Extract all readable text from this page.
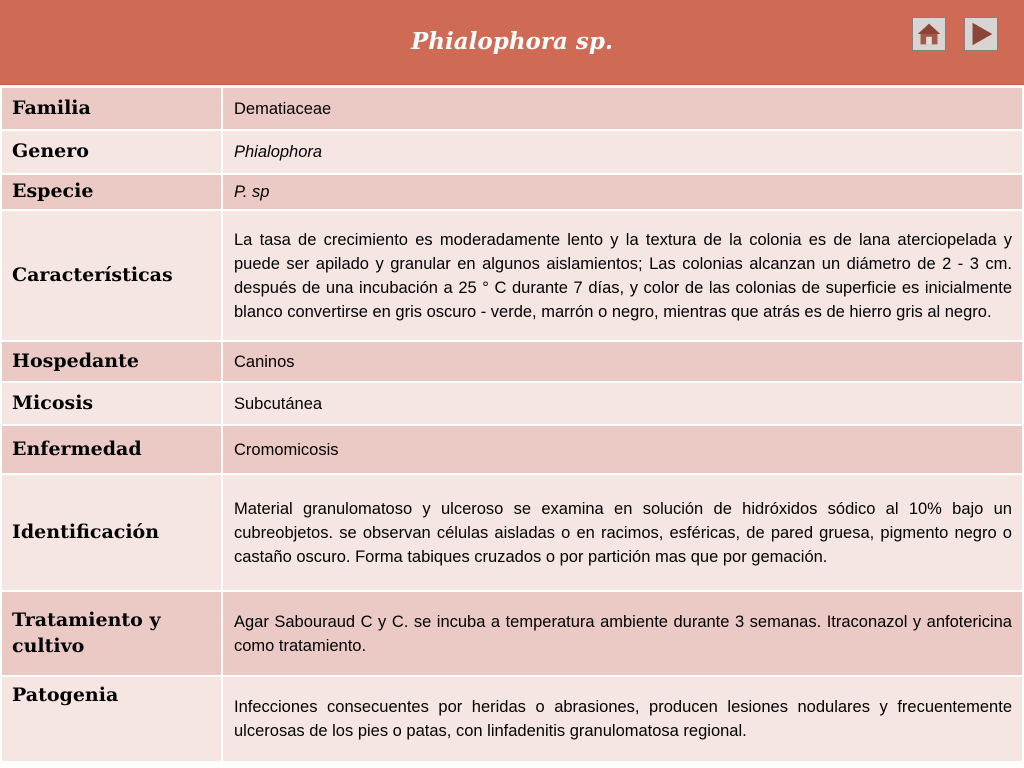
Phialophora sp.
Familia	Dematiaceae
Genero	Phialophora
Especie	P. sp
Características	La tasa de crecimiento es moderadamente lento y la textura de la colonia es de lana aterciopelada y puede ser apilado y granular en algunos aislamientos; Las colonias alcanzan un diámetro de 2 - 3 cm. después de una incubación a 25 ° C durante 7 días, y color de las colonias de superficie es inicialmente blanco convertirse en gris oscuro - verde, marrón o negro, mientras que atrás es de hierro gris al negro.
Hospedante	Caninos
Micosis	Subcutánea
Enfermedad	Cromomicosis
Identificación	Material granulomatoso y ulceroso se examina en solución de hidróxidos sódico al 10% bajo un cubreobjetos. se observan células aisladas o en racimos, esféricas, de pared gruesa, pigmento negro o castaño oscuro. Forma tabiques cruzados o por partición mas que por gemación.
Tratamiento y cultivo	Agar Sabouraud C y C. se incuba a temperatura ambiente durante 3 semanas. Itraconazol y anfotericina como tratamiento.
Patogenia	Infecciones consecuentes por heridas o abrasiones, producen lesiones nodulares y frecuentemente ulcerosas de los pies o patas, con linfadenitis granulomatosa regional.
